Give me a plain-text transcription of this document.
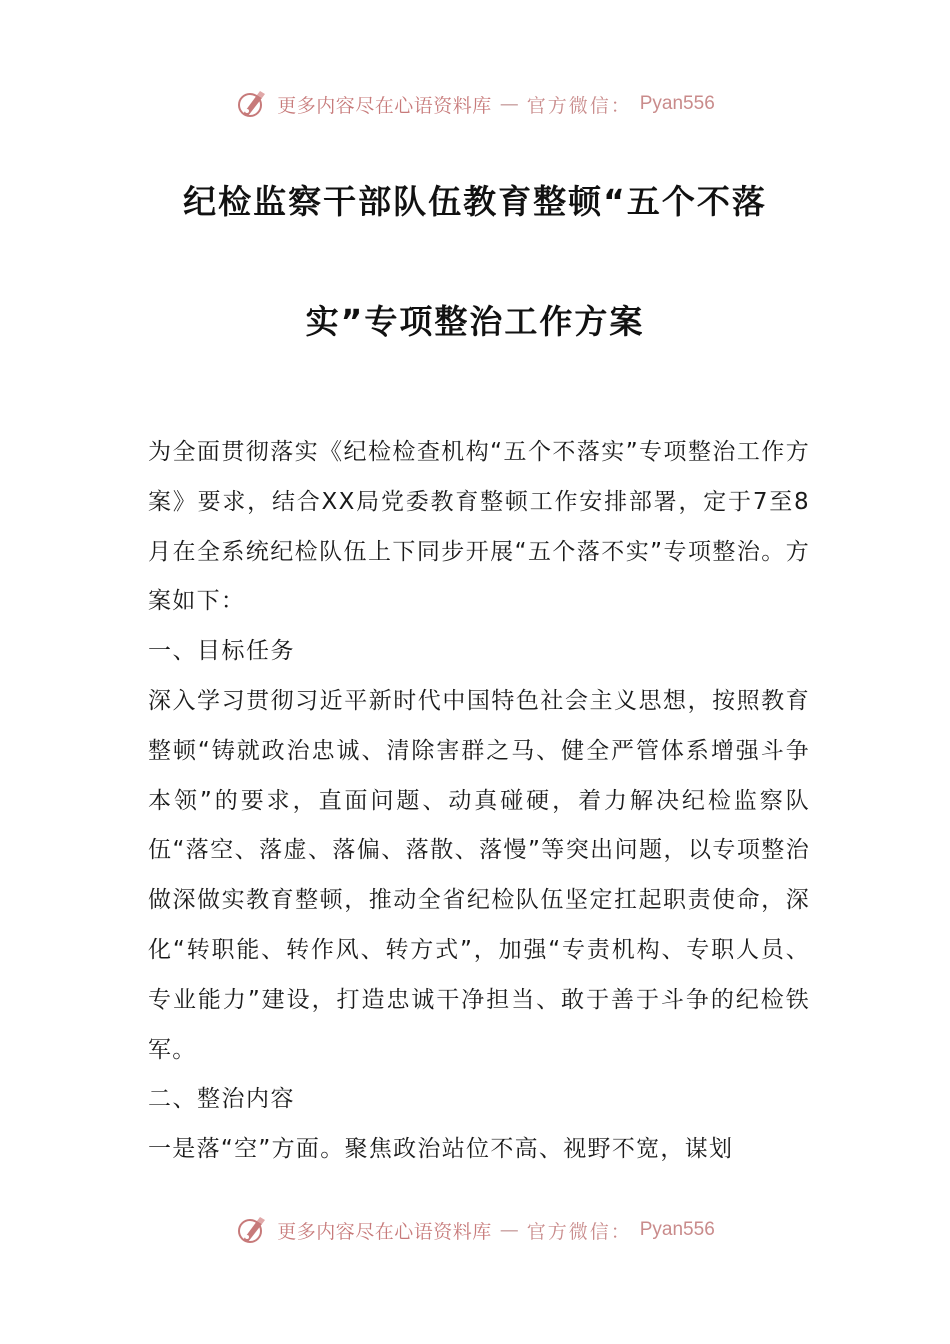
更多内容尽在心语资料库 — 官方微信： Pyan556
纪检监察干部队伍教育整顿“五个不落
实”专项整治工作方案

为全面贯彻落实《纪检检查机构“五个不落实”专项整治工作方案》要求，结合XX局党委教育整顿工作安排部署，定于7至8月在全系统纪检队伍上下同步开展“五个落不实”专项整治。方案如下：

一、目标任务

深入学习贯彻习近平新时代中国特色社会主义思想，按照教育整顿“铸就政治忠诚、清除害群之马、健全严管体系增强斗争本领”的要求，直面问题、动真碰硬，着力解决纪检监察队伍“落空、落虚、落偏、落散、落慢”等突出问题，以专项整治做深做实教育整顿，推动全省纪检队伍坚定扛起职责使命，深化“转职能、转作风、转方式”，加强“专责机构、专职人员、专业能力”建设，打造忠诚干净担当、敢于善于斗争的纪检铁军。

二、整治内容

一是落“空”方面。聚焦政治站位不高、视野不宽，谋划

更多内容尽在心语资料库 — 官方微信： Pyan556
